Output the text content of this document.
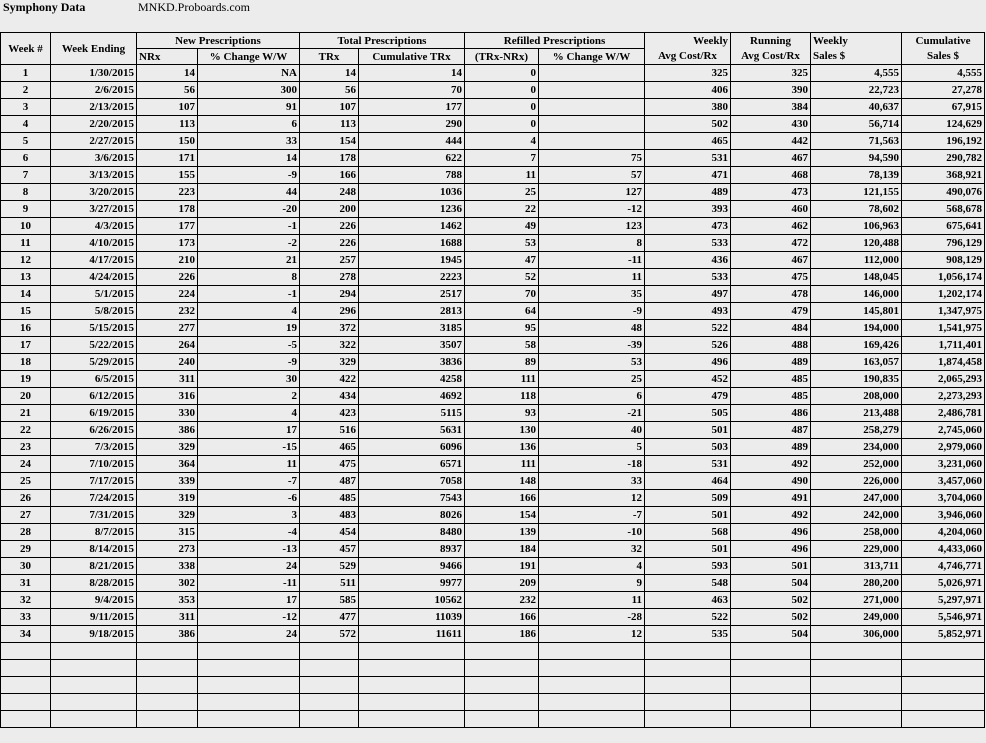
Symphony Data	MNKD.Proboards.com
Week #	Week Ending	New Prescriptions		Total Prescriptions		Refilled Prescriptions		Weekly	Running	Weekly	Cumulative
		NRx	% Change W/W	TRx	Cumulative TRx	(TRx-NRx)	% Change W/W	Avg Cost/Rx	Avg Cost/Rx	Sales $	Sales $
1	1/30/2015	14	NA	14	14	0		325	325	4,555	4,555
2	2/6/2015	56	300	56	70	0		406	390	22,723	27,278
3	2/13/2015	107	91	107	177	0		380	384	40,637	67,915
4	2/20/2015	113	6	113	290	0		502	430	56,714	124,629
5	2/27/2015	150	33	154	444	4		465	442	71,563	196,192
6	3/6/2015	171	14	178	622	7	75	531	467	94,590	290,782
7	3/13/2015	155	-9	166	788	11	57	471	468	78,139	368,921
8	3/20/2015	223	44	248	1036	25	127	489	473	121,155	490,076
9	3/27/2015	178	-20	200	1236	22	-12	393	460	78,602	568,678
10	4/3/2015	177	-1	226	1462	49	123	473	462	106,963	675,641
11	4/10/2015	173	-2	226	1688	53	8	533	472	120,488	796,129
12	4/17/2015	210	21	257	1945	47	-11	436	467	112,000	908,129
13	4/24/2015	226	8	278	2223	52	11	533	475	148,045	1,056,174
14	5/1/2015	224	-1	294	2517	70	35	497	478	146,000	1,202,174
15	5/8/2015	232	4	296	2813	64	-9	493	479	145,801	1,347,975
16	5/15/2015	277	19	372	3185	95	48	522	484	194,000	1,541,975
17	5/22/2015	264	-5	322	3507	58	-39	526	488	169,426	1,711,401
18	5/29/2015	240	-9	329	3836	89	53	496	489	163,057	1,874,458
19	6/5/2015	311	30	422	4258	111	25	452	485	190,835	2,065,293
20	6/12/2015	316	2	434	4692	118	6	479	485	208,000	2,273,293
21	6/19/2015	330	4	423	5115	93	-21	505	486	213,488	2,486,781
22	6/26/2015	386	17	516	5631	130	40	501	487	258,279	2,745,060
23	7/3/2015	329	-15	465	6096	136	5	503	489	234,000	2,979,060
24	7/10/2015	364	11	475	6571	111	-18	531	492	252,000	3,231,060
25	7/17/2015	339	-7	487	7058	148	33	464	490	226,000	3,457,060
26	7/24/2015	319	-6	485	7543	166	12	509	491	247,000	3,704,060
27	7/31/2015	329	3	483	8026	154	-7	501	492	242,000	3,946,060
28	8/7/2015	315	-4	454	8480	139	-10	568	496	258,000	4,204,060
29	8/14/2015	273	-13	457	8937	184	32	501	496	229,000	4,433,060
30	8/21/2015	338	24	529	9466	191	4	593	501	313,711	4,746,771
31	8/28/2015	302	-11	511	9977	209	9	548	504	280,200	5,026,971
32	9/4/2015	353	17	585	10562	232	11	463	502	271,000	5,297,971
33	9/11/2015	311	-12	477	11039	166	-28	522	502	249,000	5,546,971
34	9/18/2015	386	24	572	11611	186	12	535	504	306,000	5,852,971
